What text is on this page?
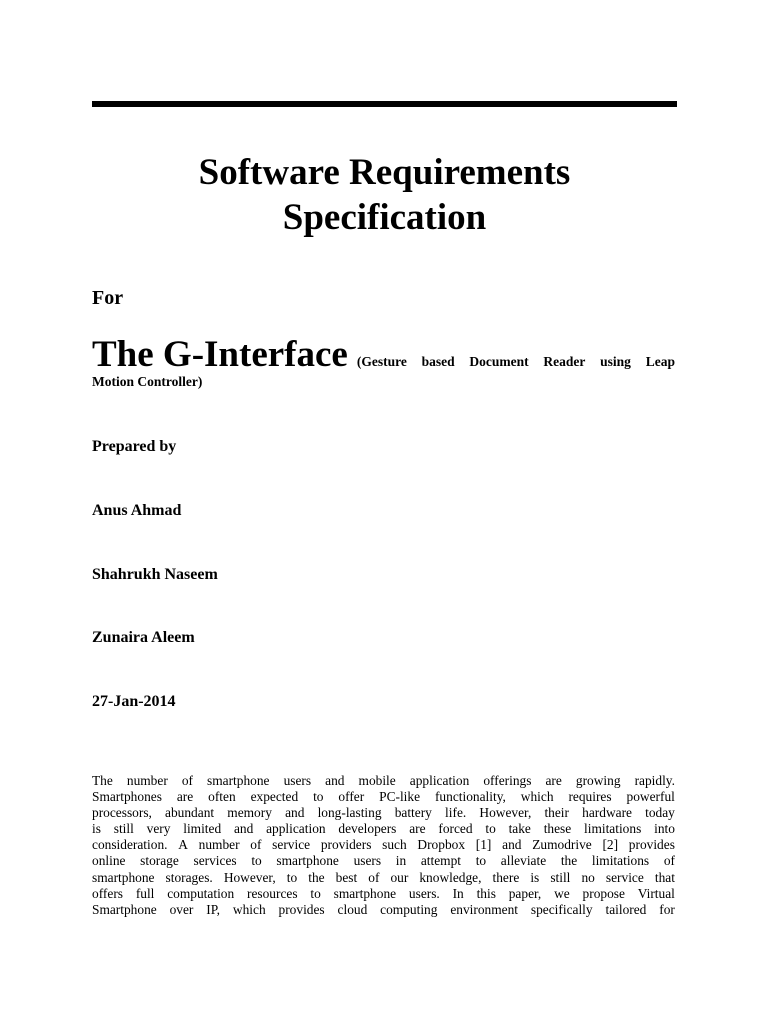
Software Requirements
Specification
For
The G-Interface (Gesture based Document Reader using Leap
Motion Controller)
Prepared by
Anus Ahmad
Shahrukh Naseem
Zunaira Aleem
27-Jan-2014
The number of smartphone users and mobile application offerings are growing rapidly.
Smartphones are often expected to offer PC-like functionality, which requires powerful
processors, abundant memory and long-lasting battery life. However, their hardware today
is still very limited and application developers are forced to take these limitations into
consideration. A number of service providers such Dropbox [1] and Zumodrive [2] provides
online storage services to smartphone users in attempt to alleviate the limitations of
smartphone storages. However, to the best of our knowledge, there is still no service that
offers full computation resources to smartphone users. In this paper, we propose Virtual
Smartphone over IP, which provides cloud computing environment specifically tailored for
